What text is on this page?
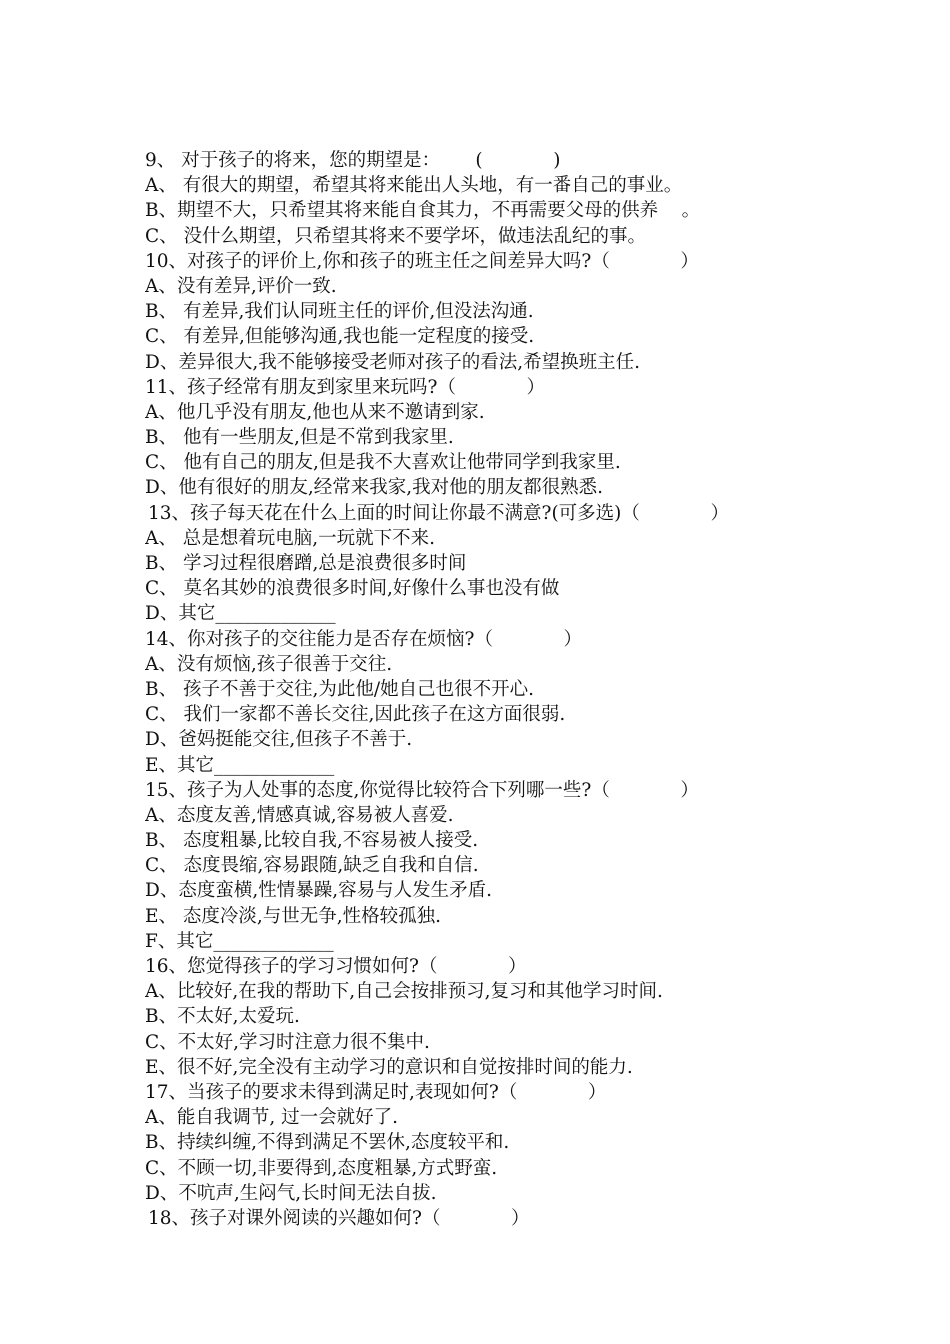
9、 对于孩子的将来，您的期望是：      (            )
A、 有很大的期望，希望其将来能出人头地，有一番自己的事业。
B、期望不大，只希望其将来能自食其力，不再需要父母的供养    。
C、 没什么期望，只希望其将来不要学坏，做违法乱纪的事。
10、对孩子的评价上,你和孩子的班主任之间差异大吗?（            ）
A、没有差异,评价一致.
B、 有差异,我们认同班主任的评价,但没法沟通.
C、 有差异,但能够沟通,我也能一定程度的接受.
D、差异很大,我不能够接受老师对孩子的看法,希望换班主任.
11、孩子经常有朋友到家里来玩吗?（            ）
A、他几乎没有朋友,他也从来不邀请到家.
B、 他有一些朋友,但是不常到我家里.
C、 他有自己的朋友,但是我不大喜欢让他带同学到我家里.
D、他有很好的朋友,经常来我家,我对他的朋友都很熟悉.
13、孩子每天花在什么上面的时间让你最不满意?(可多选)（            ）
A、 总是想着玩电脑,一玩就下不来.
B、 学习过程很磨蹭,总是浪费很多时间
C、 莫名其妙的浪费很多时间,好像什么事也没有做
D、其它_____________
14、你对孩子的交往能力是否存在烦恼?（            ）
A、没有烦恼,孩子很善于交往.
B、 孩子不善于交往,为此他/她自己也很不开心.
C、 我们一家都不善长交往,因此孩子在这方面很弱.
D、爸妈挺能交往,但孩子不善于.
E、其它_____________
15、孩子为人处事的态度,你觉得比较符合下列哪一些?（            ）
A、态度友善,情感真诚,容易被人喜爱.
B、 态度粗暴,比较自我,不容易被人接受.
C、 态度畏缩,容易跟随,缺乏自我和自信.
D、态度蛮横,性情暴躁,容易与人发生矛盾.
E、 态度冷淡,与世无争,性格较孤独.
F、其它_____________
16、您觉得孩子的学习习惯如何?（            ）
A、比较好,在我的帮助下,自己会按排预习,复习和其他学习时间.
B、不太好,太爱玩.
C、不太好,学习时注意力很不集中.
E、很不好,完全没有主动学习的意识和自觉按排时间的能力.
17、当孩子的要求未得到满足时,表现如何?（            ）
A、能自我调节, 过一会就好了.
B、持续纠缠,不得到满足不罢休,态度较平和.
C、不顾一切,非要得到,态度粗暴,方式野蛮.
D、不吭声,生闷气,长时间无法自拔.
18、孩子对课外阅读的兴趣如何?（            ）
